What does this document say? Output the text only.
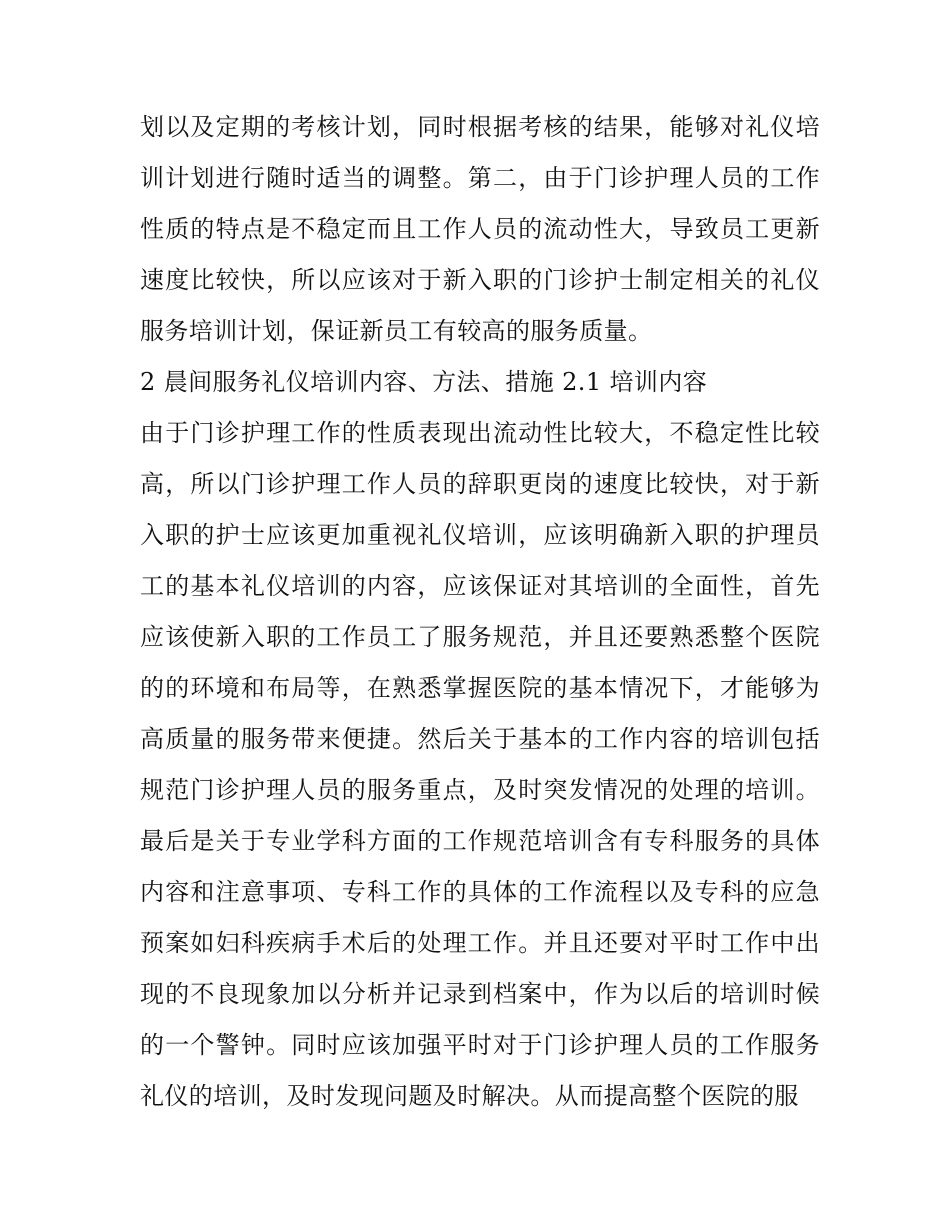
划以及定期的考核计划，同时根据考核的结果，能够对礼仪培训计划进行随时适当的调整。第二，由于门诊护理人员的工作性质的特点是不稳定而且工作人员的流动性大，导致员工更新速度比较快，所以应该对于新入职的门诊护士制定相关的礼仪服务培训计划，保证新员工有较高的服务质量。

2 晨间服务礼仪培训内容、方法、措施 2.1 培训内容

由于门诊护理工作的性质表现出流动性比较大，不稳定性比较高，所以门诊护理工作人员的辞职更岗的速度比较快，对于新入职的护士应该更加重视礼仪培训，应该明确新入职的护理员工的基本礼仪培训的内容，应该保证对其培训的全面性，首先应该使新入职的工作员工了服务规范，并且还要熟悉整个医院的的环境和布局等，在熟悉掌握医院的基本情况下，才能够为高质量的服务带来便捷。然后关于基本的工作内容的培训包括规范门诊护理人员的服务重点，及时突发情况的处理的培训。最后是关于专业学科方面的工作规范培训含有专科服务的具体内容和注意事项、专科工作的具体的工作流程以及专科的应急预案如妇科疾病手术后的处理工作。并且还要对平时工作中出现的不良现象加以分析并记录到档案中，作为以后的培训时候的一个警钟。同时应该加强平时对于门诊护理人员的工作服务礼仪的培训，及时发现问题及时解决。从而提高整个医院的服
